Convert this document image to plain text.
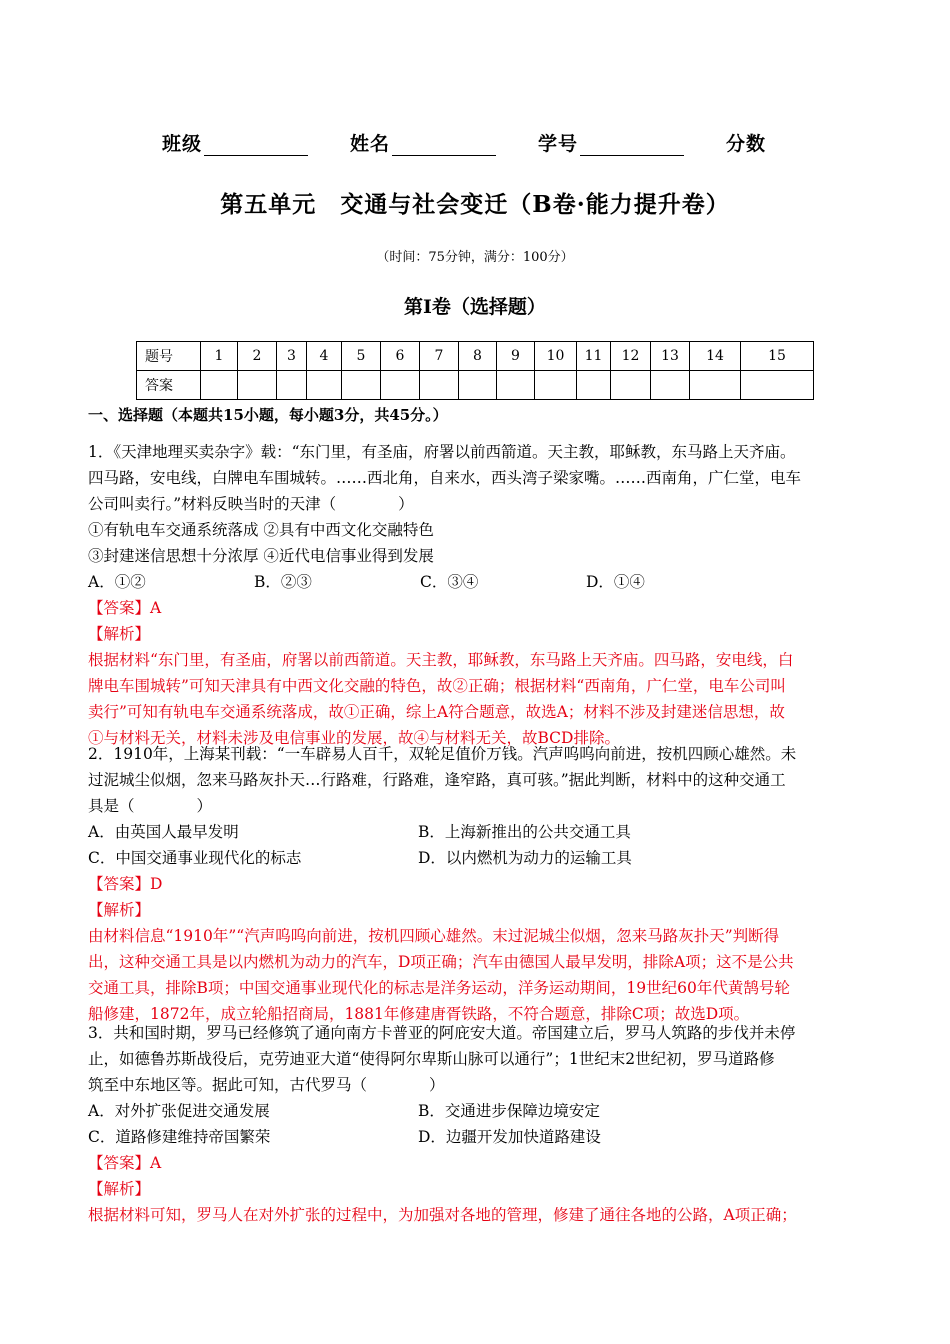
班级	姓名	学号	分数
第五单元　交通与社会变迁（B卷·能力提升卷）
（时间：75分钟，满分：100分）
第Ⅰ卷（选择题）
题号	1	2	3	4	5	6	7	8	9	10	11	12	13	14	15
答案															
一、选择题（本题共15小题，每小题3分，共45分。）

1．《天津地理买卖杂字》载：“东门里，有圣庙，府署以前西箭道。天主教，耶稣教，东马路上天齐庙。

四马路，安电线，白牌电车围城转。……西北角，自来水，西头湾子梁家嘴。……西南角，广仁堂，电车

公司叫卖行。”材料反映当时的天津（　　　　）

①有轨电车交通系统落成 ②具有中西文化交融特色

③封建迷信思想十分浓厚 ④近代电信事业得到发展

A．①②	B．②③	C．③④	D．①④

【答案】A

【解析】

根据材料“东门里，有圣庙，府署以前西箭道。天主教，耶稣教，东马路上天齐庙。四马路，安电线，白

牌电车围城转”可知天津具有中西文化交融的特色，故②正确；根据材料“西南角，广仁堂，电车公司叫

卖行”可知有轨电车交通系统落成，故①正确，综上A符合题意，故选A；材料不涉及封建迷信思想，故

①与材料无关，材料未涉及电信事业的发展，故④与材料无关，故BCD排除。

2．1910年，上海某刊载：“一车辟易人百千，双轮足值价万钱。汽声呜呜向前进，按机四顾心雄然。未

过泥城尘似烟，忽来马路灰扑天…行路难，行路难，逢窄路，真可骇。”据此判断，材料中的这种交通工

具是（　　　　）

A．由英国人最早发明	B．上海新推出的公共交通工具
C．中国交通事业现代化的标志	D．以内燃机为动力的运输工具

【答案】D

【解析】

由材料信息“1910年”“汽声呜呜向前进，按机四顾心雄然。末过泥城尘似烟，忽来马路灰扑天”判断得

出，这种交通工具是以内燃机为动力的汽车，D项正确；汽车由德国人最早发明，排除A项；这不是公共

交通工具，排除B项；中国交通事业现代化的标志是洋务运动，洋务运动期间，19世纪60年代黄鹄号轮

船修建，1872年，成立轮船招商局，1881年修建唐胥铁路，不符合题意，排除C项；故选D项。

3．共和国时期，罗马已经修筑了通向南方卡普亚的阿庇安大道。帝国建立后，罗马人筑路的步伐并未停

止，如德鲁苏斯战役后，克劳迪亚大道“使得阿尔卑斯山脉可以通行”；1世纪末2世纪初，罗马道路修

筑至中东地区等。据此可知，古代罗马（　　　　）

A．对外扩张促进交通发展	B．交通进步保障边境安定
C．道路修建维持帝国繁荣	D．边疆开发加快道路建设

【答案】A

【解析】

根据材料可知，罗马人在对外扩张的过程中，为加强对各地的管理，修建了通往各地的公路，A项正确；
